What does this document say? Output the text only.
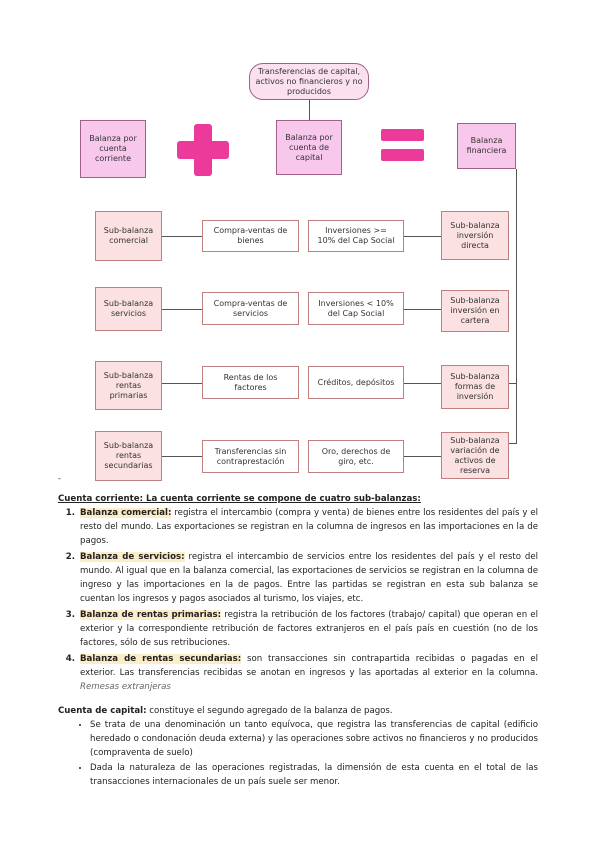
Transferencias de capital, activos no financieros y no producidos
Balanza por cuenta corriente
Balanza por cuenta de capital
Balanza financiera
Sub-balanza comercial
Compra-ventas de bienes
Inversiones >= 10% del Cap Social
Sub-balanza inversión directa
Sub-balanza servicios
Compra-ventas de servicios
Inversiones < 10% del Cap Social
Sub-balanza inversión en cartera
Sub-balanza rentas primarias
Rentas de los factores
Créditos, depósitos
Sub-balanza formas de inversión
Sub-balanza rentas secundarias
Transferencias sin contraprestación
Oro, derechos de giro, etc.
Sub-balanza variación de activos de reserva
-
Cuenta corriente: La cuenta corriente se compone de cuatro sub-balanzas:
1. Balanza comercial: registra el intercambio (compra y venta) de bienes entre los residentes del país y el resto del mundo. Las exportaciones se registran en la columna de ingresos en las importaciones en la de pagos.
2. Balanza de servicios: registra el intercambio de servicios entre los residentes del país y el resto del mundo. Al igual que en la balanza comercial, las exportaciones de servicios se registran en la columna de ingreso y las importaciones en la de pagos. Entre las partidas se registran en esta sub balanza se cuentan los ingresos y pagos asociados al turismo, los viajes, etc.
3. Balanza de rentas primarias: registra la retribución de los factores (trabajo/ capital) que operan en el exterior y la correspondiente retribución de factores extranjeros en el país país en cuestión (no de los factores, sólo de sus retribuciones.
4. Balanza de rentas secundarias: son transacciones sin contrapartida recibidas o pagadas en el exterior. Las transferencias recibidas se anotan en ingresos y las aportadas al exterior en la columna. Remesas extranjeras
Cuenta de capital: constituye el segundo agregado de la balanza de pagos.
• Se trata de una denominación un tanto equívoca, que registra las transferencias de capital (edificio heredado o condonación deuda externa) y las operaciones sobre activos no financieros y no producidos (compraventa de suelo)
• Dada la naturaleza de las operaciones registradas, la dimensión de esta cuenta en el total de las transacciones internacionales de un país suele ser menor.
